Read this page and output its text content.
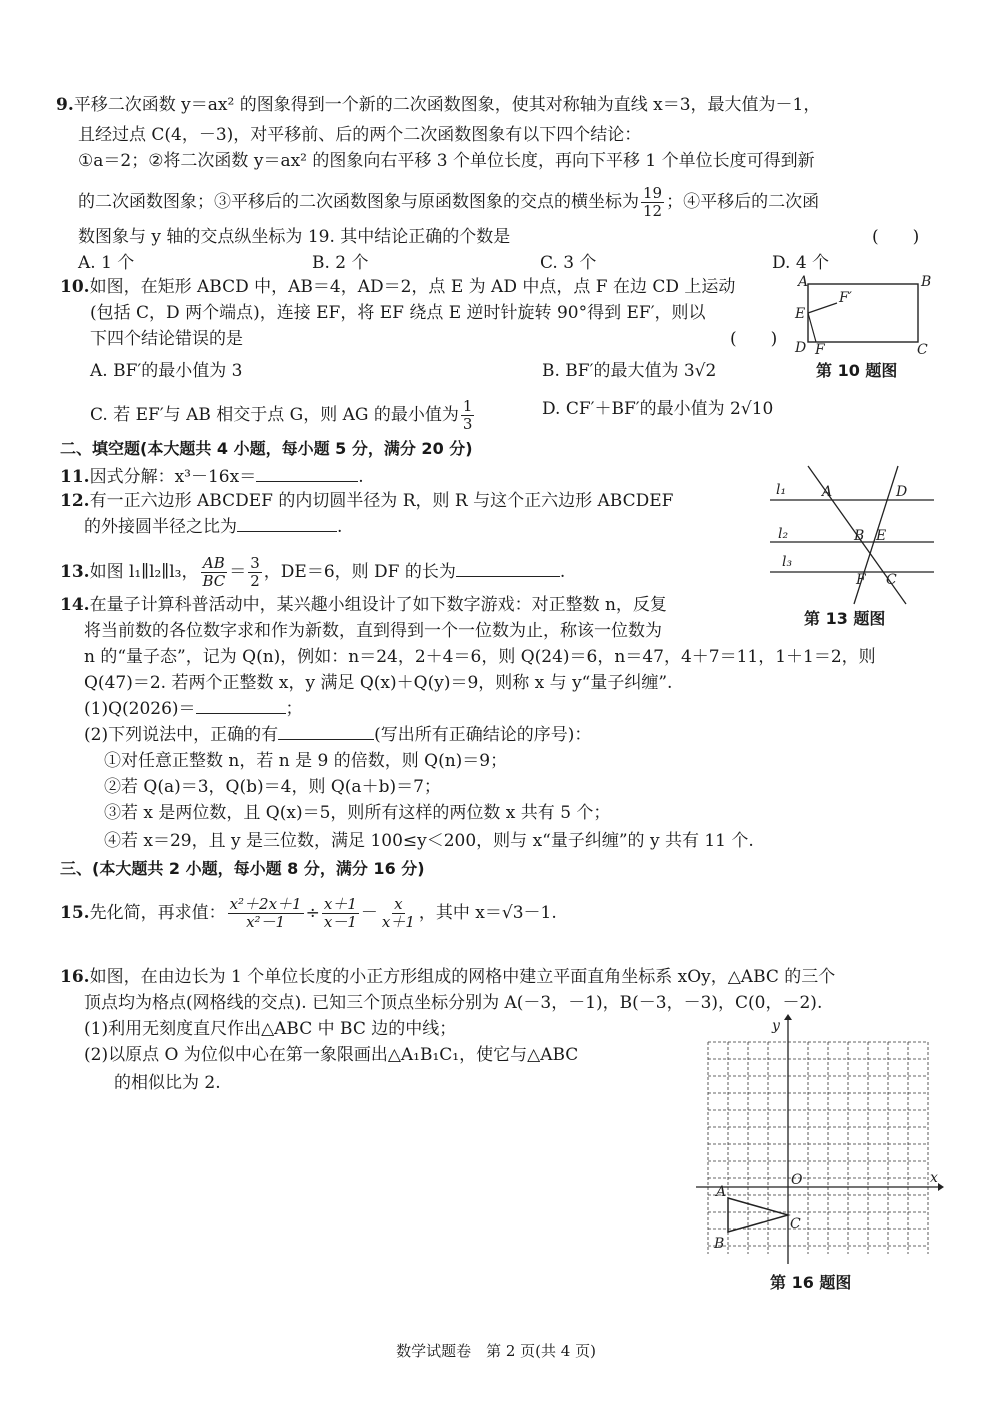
9.平移二次函数 y＝ax² 的图象得到一个新的二次函数图象，使其对称轴为直线 x＝3，最大值为－1，
且经过点 C(4，－3)，对平移前、后的两个二次函数图象有以下四个结论：
①a＝2；②将二次函数 y＝ax² 的图象向右平移 3 个单位长度，再向下平移 1 个单位长度可得到新
的二次函数图象；③平移后的二次函数图象与原函数图象的交点的横坐标为 $\frac{19}{12}$ ；④平移后的二次函
数图象与 y 轴的交点纵坐标为 19. 其中结论正确的个数是	(　　)
A. 1 个	B. 2 个	C. 3 个	D. 4 个
10.如图，在矩形 ABCD 中，AB＝4，AD＝2，点 E 为 AD 中点，点 F 在边 CD 上运动
(包括 C，D 两个端点)，连接 EF，将 EF 绕点 E 逆时针旋转 90°得到 EF′，则以
下四个结论错误的是	(　　)
A. BF′的最小值为 3	B. BF′的最大值为 3√2
C. 若 EF′与 AB 相交于点 G，则 AG 的最小值为 $\frac{1}{3}$	D. CF′＋BF′的最小值为 2√10
A	B
C
D
E
F
F′
第 10 题图
二、填空题(本大题共 4 小题，每小题 5 分，满分 20 分)
11.因式分解：x³－16x＝	.
12.有一正六边形 ABCDEF 的内切圆半径为 R，则 R 与这个正六边形 ABCDEF
的外接圆半径之比为	.
13.如图 l₁∥l₂∥l₃， $\frac{AB}{BC} = \frac{3}{2}$ ，DE＝6，则 DF 的长为	.
l₁
l₂
l₃
A	D
B E
F C
第 13 题图
14.在量子计算科普活动中，某兴趣小组设计了如下数字游戏：对正整数 n，反复
将当前数的各位数字求和作为新数，直到得到一个一位数为止，称该一位数为
n 的“量子态”，记为 Q(n)，例如：n＝24，2＋4＝6，则 Q(24)＝6，n＝47，4＋7＝11，1＋1＝2，则
Q(47)＝2. 若两个正整数 x，y 满足 Q(x)＋Q(y)＝9，则称 x 与 y“量子纠缠”.
(1)Q(2026)＝	；
(2)下列说法中，正确的有	(写出所有正确结论的序号)：
①对任意正整数 n，若 n 是 9 的倍数，则 Q(n)＝9；
②若 Q(a)＝3，Q(b)＝4，则 Q(a＋b)＝7；
③若 x 是两位数，且 Q(x)＝5，则所有这样的两位数 x 共有 5 个；
④若 x＝29，且 y 是三位数，满足 100≤y＜200，则与 x“量子纠缠”的 y 共有 11 个.
三、(本大题共 2 小题，每小题 8 分，满分 16 分)
15.先化简，再求值： $\frac{\text{x²＋2x＋1}}{\text{x²－1}} \div \frac{x+1}{x-1} - \frac{x}{x+1}$ ，其中 x＝√3－1.
16.如图，在由边长为 1 个单位长度的小正方形组成的网格中建立平面直角坐标系 xOy，△ABC 的三个
顶点均为格点(网格线的交点). 已知三个顶点坐标分别为 A(－3，－1)，B(－3，－3)，C(0，－2).
(1)利用无刻度直尺作出△ABC 中 BC 边的中线；
(2)以原点 O 为位似中心在第一象限画出△A₁B₁C₁，使它与△ABC
的相似比为 2.
x
y
O
A
B
C
第 16 题图
数学试题卷　第 2 页(共 4 页)
